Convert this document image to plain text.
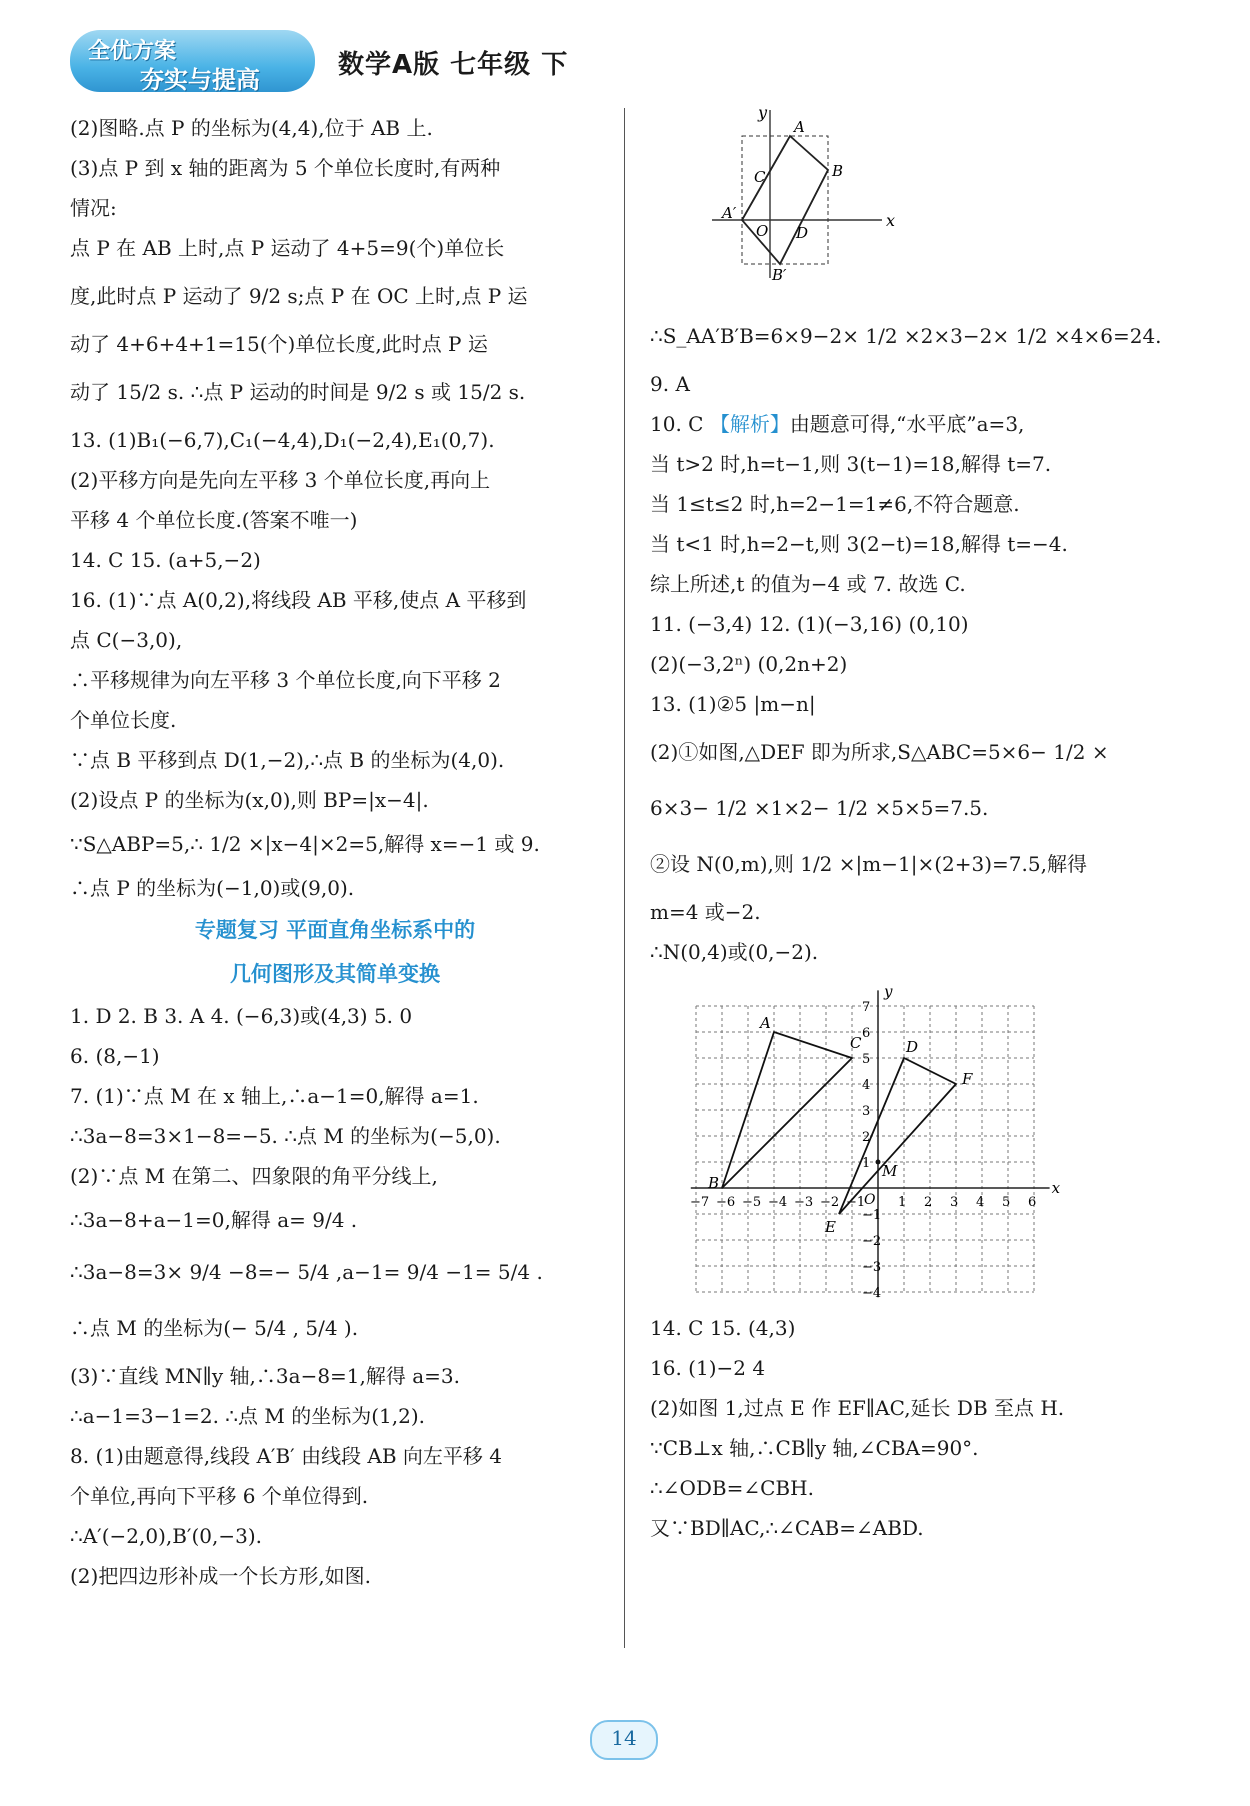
全优方案
夯实与提高	数学A版 七年级 下
(2)图略.点 P 的坐标为(4,4),位于 AB 上.
(3)点 P 到 x 轴的距离为 5 个单位长度时,有两种
情况:
点 P 在 AB 上时,点 P 运动了 4+5=9(个)单位长
度,此时点 P 运动了 9/2 s;点 P 在 OC 上时,点 P 运
动了 4+6+4+1=15(个)单位长度,此时点 P 运
动了 15/2 s. ∴点 P 运动的时间是 9/2 s 或 15/2 s.
13. (1)B₁(−6,7),C₁(−4,4),D₁(−2,4),E₁(0,7).
(2)平移方向是先向左平移 3 个单位长度,再向上
平移 4 个单位长度.(答案不唯一)
14. C 15. (a+5,−2)
16. (1)∵点 A(0,2),将线段 AB 平移,使点 A 平移到
点 C(−3,0),
∴平移规律为向左平移 3 个单位长度,向下平移 2
个单位长度.
∵点 B 平移到点 D(1,−2),∴点 B 的坐标为(4,0).
(2)设点 P 的坐标为(x,0),则 BP=|x−4|.
∵S△ABP=5,∴ 1/2 ×|x−4|×2=5,解得 x=−1 或 9.
∴点 P 的坐标为(−1,0)或(9,0).
专题复习 平面直角坐标系中的
几何图形及其简单变换
1. D 2. B 3. A 4. (−6,3)或(4,3) 5. 0
6. (8,−1)
7. (1)∵点 M 在 x 轴上,∴a−1=0,解得 a=1.
∴3a−8=3×1−8=−5. ∴点 M 的坐标为(−5,0).
(2)∵点 M 在第二、四象限的角平分线上,
∴3a−8+a−1=0,解得 a= 9/4 .
∴3a−8=3× 9/4 −8=− 5/4 ,a−1= 9/4 −1= 5/4 .
∴点 M 的坐标为(− 5/4 , 5/4 ).
(3)∵直线 MN∥y 轴,∴3a−8=1,解得 a=3.
∴a−1=3−1=2. ∴点 M 的坐标为(1,2).
8. (1)由题意得,线段 A′B′ 由线段 AB 向左平移 4
个单位,再向下平移 6 个单位得到.
∴A′(−2,0),B′(0,−3).
(2)把四边形补成一个长方形,如图.
x
y
O
A
B
C
D
A′
B′
∴S_AA′B′B=6×9−2× 1/2 ×2×3−2× 1/2 ×4×6=24.
9. A
10. C 【解析】由题意可得,“水平底”a=3,
当 t>2 时,h=t−1,则 3(t−1)=18,解得 t=7.
当 1≤t≤2 时,h=2−1=1≠6,不符合题意.
当 t<1 时,h=2−t,则 3(2−t)=18,解得 t=−4.
综上所述,t 的值为−4 或 7. 故选 C.
11. (−3,4) 12. (1)(−3,16) (0,10)
(2)(−3,2ⁿ) (0,2n+2)
13. (1)②5 |m−n|
(2)①如图,△DEF 即为所求,S△ABC=5×6− 1/2 ×
6×3− 1/2 ×1×2− 1/2 ×5×5=7.5.
②设 N(0,m),则 1/2 ×|m−1|×(2+3)=7.5,解得
m=4 或−2.
∴N(0,4)或(0,−2).
x
y
O
−7 −6 −5 −4 −3 −2 −1	1 2 3 4 5 6
7
6
5
4
3
2
1
−1
−2
−3
−4
A
B
C	D
E
F
M
14. C 15. (4,3)
16. (1)−2 4
(2)如图 1,过点 E 作 EF∥AC,延长 DB 至点 H.
∵CB⊥x 轴,∴CB∥y 轴,∠CBA=90°.
∴∠ODB=∠CBH.
又∵BD∥AC,∴∠CAB=∠ABD.
14
